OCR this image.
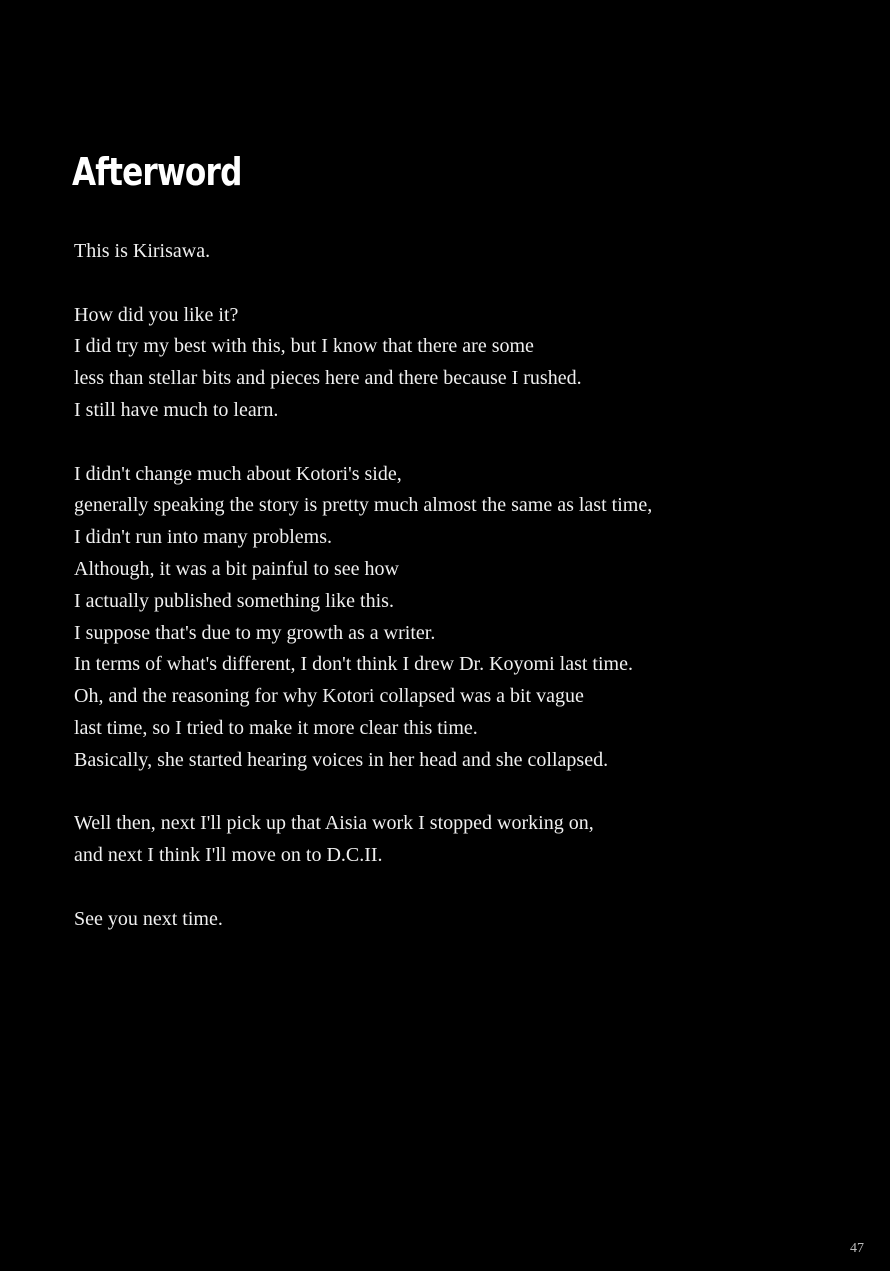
Afterword

This is Kirisawa.

How did you like it?
I did try my best with this, but I know that there are some
less than stellar bits and pieces here and there because I rushed.
I still have much to learn.

I didn't change much about Kotori's side,
generally speaking the story is pretty much almost the same as last time,
I didn't run into many problems.
Although, it was a bit painful to see how
I actually published something like this.
I suppose that's due to my growth as a writer.
In terms of what's different, I don't think I drew Dr. Koyomi last time.
Oh, and the reasoning for why Kotori collapsed was a bit vague
last time, so I tried to make it more clear this time.
Basically, she started hearing voices in her head and she collapsed.

Well then, next I'll pick up that Aisia work I stopped working on,
and next I think I'll move on to D.C.II.

See you next time.

47
